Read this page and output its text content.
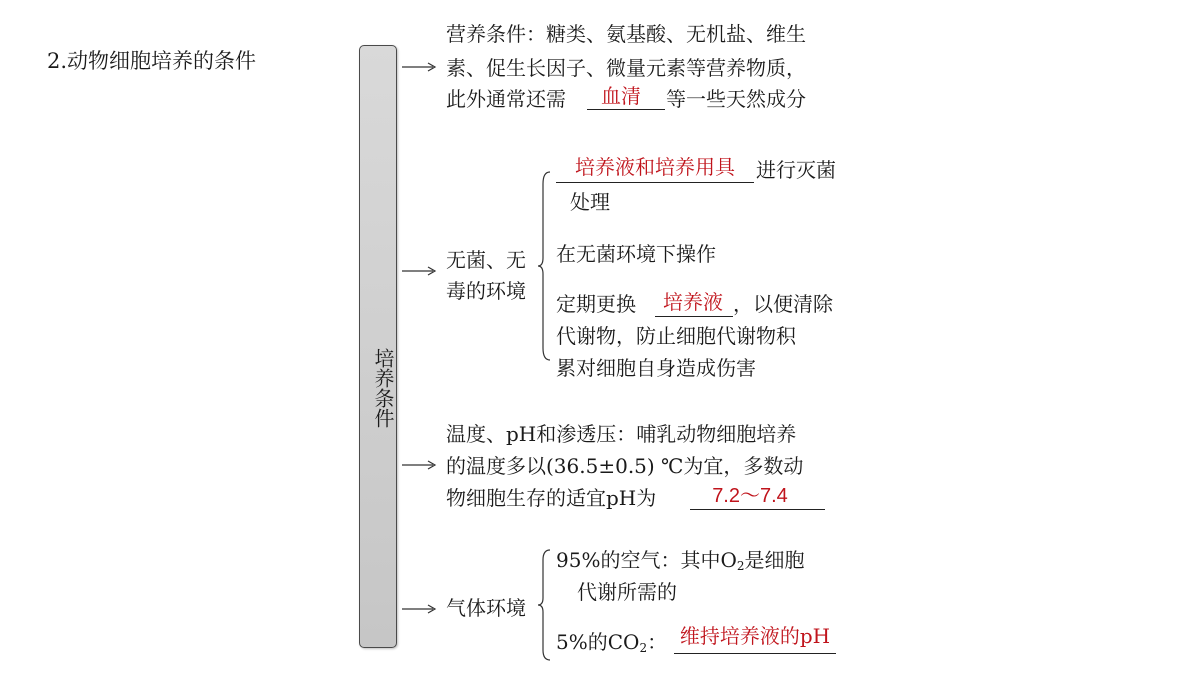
2.动物细胞培养的条件
培养条件
营养条件：糖类、氨基酸、无机盐、维生
素、促生长因子、微量元素等营养物质，
此外通常还需	血清	等一些天然成分
无菌、无
毒的环境
培养液和培养用具	进行灭菌
处理
在无菌环境下操作
定期更换	培养液 ，以便清除
代谢物，防止细胞代谢物积
累对细胞自身造成伤害
温度、pH和渗透压：哺乳动物细胞培养
的温度多以(36.5±0.5) ℃为宜，多数动
物细胞生存的适宜pH为	7.2～7.4
气体环境
95%的空气：其中$O_2$是细胞
代谢所需的
5%的$CO_2$： 维持培养液的pH
